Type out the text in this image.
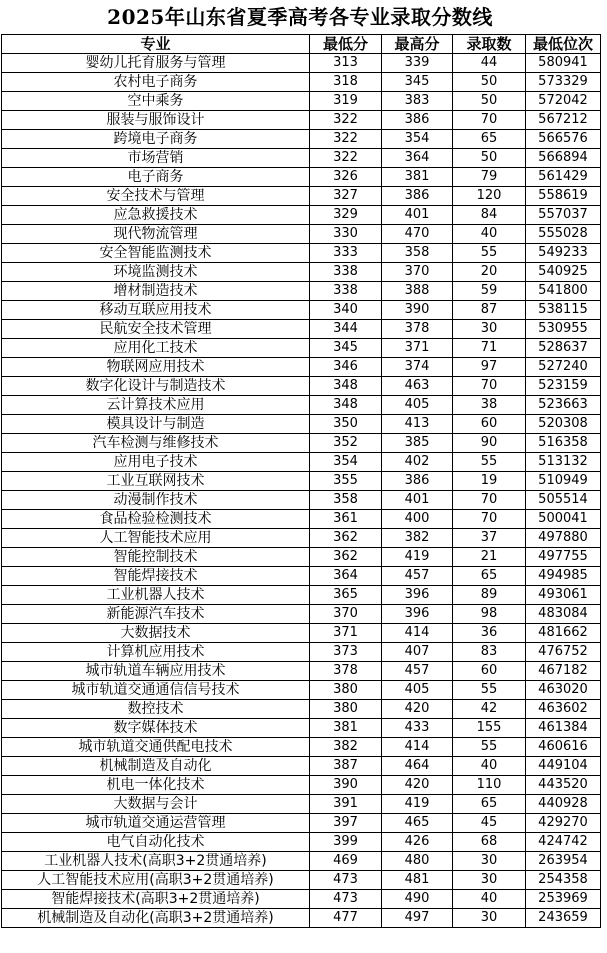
2025年山东省夏季高考各专业录取分数线
专业	最低分	最高分	录取数	最低位次
婴幼儿托育服务与管理	313	339	44	580941
农村电子商务	318	345	50	573329
空中乘务	319	383	50	572042
服装与服饰设计	322	386	70	567212
跨境电子商务	322	354	65	566576
市场营销	322	364	50	566894
电子商务	326	381	79	561429
安全技术与管理	327	386	120	558619
应急救援技术	329	401	84	557037
现代物流管理	330	470	40	555028
安全智能监测技术	333	358	55	549233
环境监测技术	338	370	20	540925
增材制造技术	338	388	59	541800
移动互联应用技术	340	390	87	538115
民航安全技术管理	344	378	30	530955
应用化工技术	345	371	71	528637
物联网应用技术	346	374	97	527240
数字化设计与制造技术	348	463	70	523159
云计算技术应用	348	405	38	523663
模具设计与制造	350	413	60	520308
汽车检测与维修技术	352	385	90	516358
应用电子技术	354	402	55	513132
工业互联网技术	355	386	19	510949
动漫制作技术	358	401	70	505514
食品检验检测技术	361	400	70	500041
人工智能技术应用	362	382	37	497880
智能控制技术	362	419	21	497755
智能焊接技术	364	457	65	494985
工业机器人技术	365	396	89	493061
新能源汽车技术	370	396	98	483084
大数据技术	371	414	36	481662
计算机应用技术	373	407	83	476752
城市轨道车辆应用技术	378	457	60	467182
城市轨道交通通信信号技术	380	405	55	463020
数控技术	380	420	42	463602
数字媒体技术	381	433	155	461384
城市轨道交通供配电技术	382	414	55	460616
机械制造及自动化	387	464	40	449104
机电一体化技术	390	420	110	443520
大数据与会计	391	419	65	440928
城市轨道交通运营管理	397	465	45	429270
电气自动化技术	399	426	68	424742
工业机器人技术(高职3+2贯通培养)	469	480	30	263954
人工智能技术应用(高职3+2贯通培养)	473	481	30	254358
智能焊接技术(高职3+2贯通培养)	473	490	40	253969
机械制造及自动化(高职3+2贯通培养)	477	497	30	243659
